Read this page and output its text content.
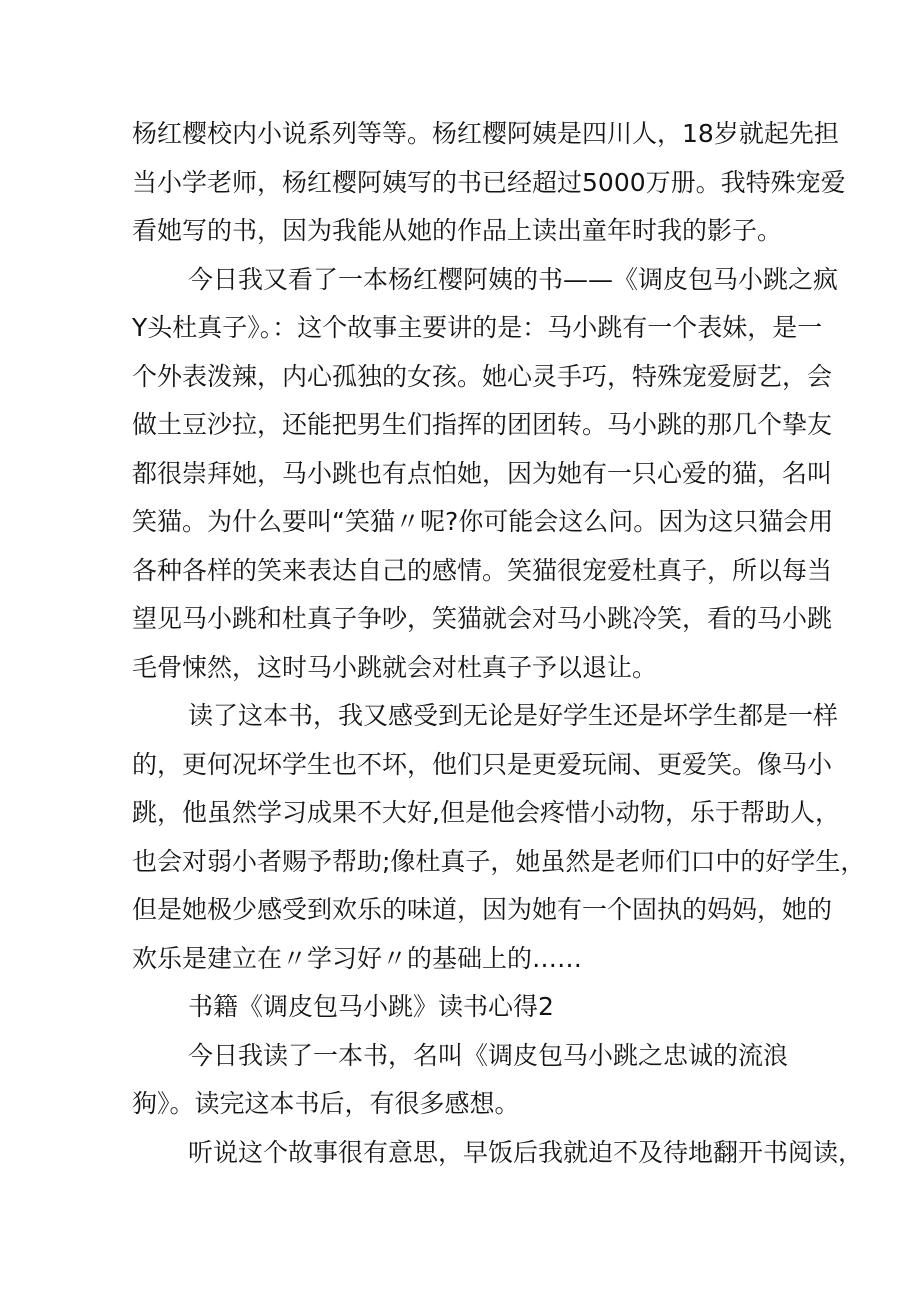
杨红樱校内小说系列等等。杨红樱阿姨是四川人，18岁就起先担
当小学老师，杨红樱阿姨写的书已经超过5000万册。我特殊宠爱
看她写的书，因为我能从她的作品上读出童年时我的影子。
今日我又看了一本杨红樱阿姨的书——《调皮包马小跳之疯
Y头杜真子》。：这个故事主要讲的是：马小跳有一个表妹，是一
个外表泼辣，内心孤独的女孩。她心灵手巧，特殊宠爱厨艺，会
做土豆沙拉，还能把男生们指挥的团团转。马小跳的那几个挚友
都很崇拜她，马小跳也有点怕她，因为她有一只心爱的猫，名叫
笑猫。为什么要叫“笑猫〃呢?你可能会这么问。因为这只猫会用
各种各样的笑来表达自己的感情。笑猫很宠爱杜真子，所以每当
望见马小跳和杜真子争吵，笑猫就会对马小跳冷笑，看的马小跳
毛骨悚然，这时马小跳就会对杜真子予以退让。
读了这本书，我又感受到无论是好学生还是坏学生都是一样
的，更何况坏学生也不坏，他们只是更爱玩闹、更爱笑。像马小
跳，他虽然学习成果不大好,但是他会疼惜小动物，乐于帮助人，
也会对弱小者赐予帮助;像杜真子，她虽然是老师们口中的好学生，
但是她极少感受到欢乐的味道，因为她有一个固执的妈妈，她的
欢乐是建立在〃学习好〃的基础上的……
书籍《调皮包马小跳》读书心得2
今日我读了一本书，名叫《调皮包马小跳之忠诚的流浪
狗》。读完这本书后，有很多感想。
听说这个故事很有意思，早饭后我就迫不及待地翻开书阅读，
